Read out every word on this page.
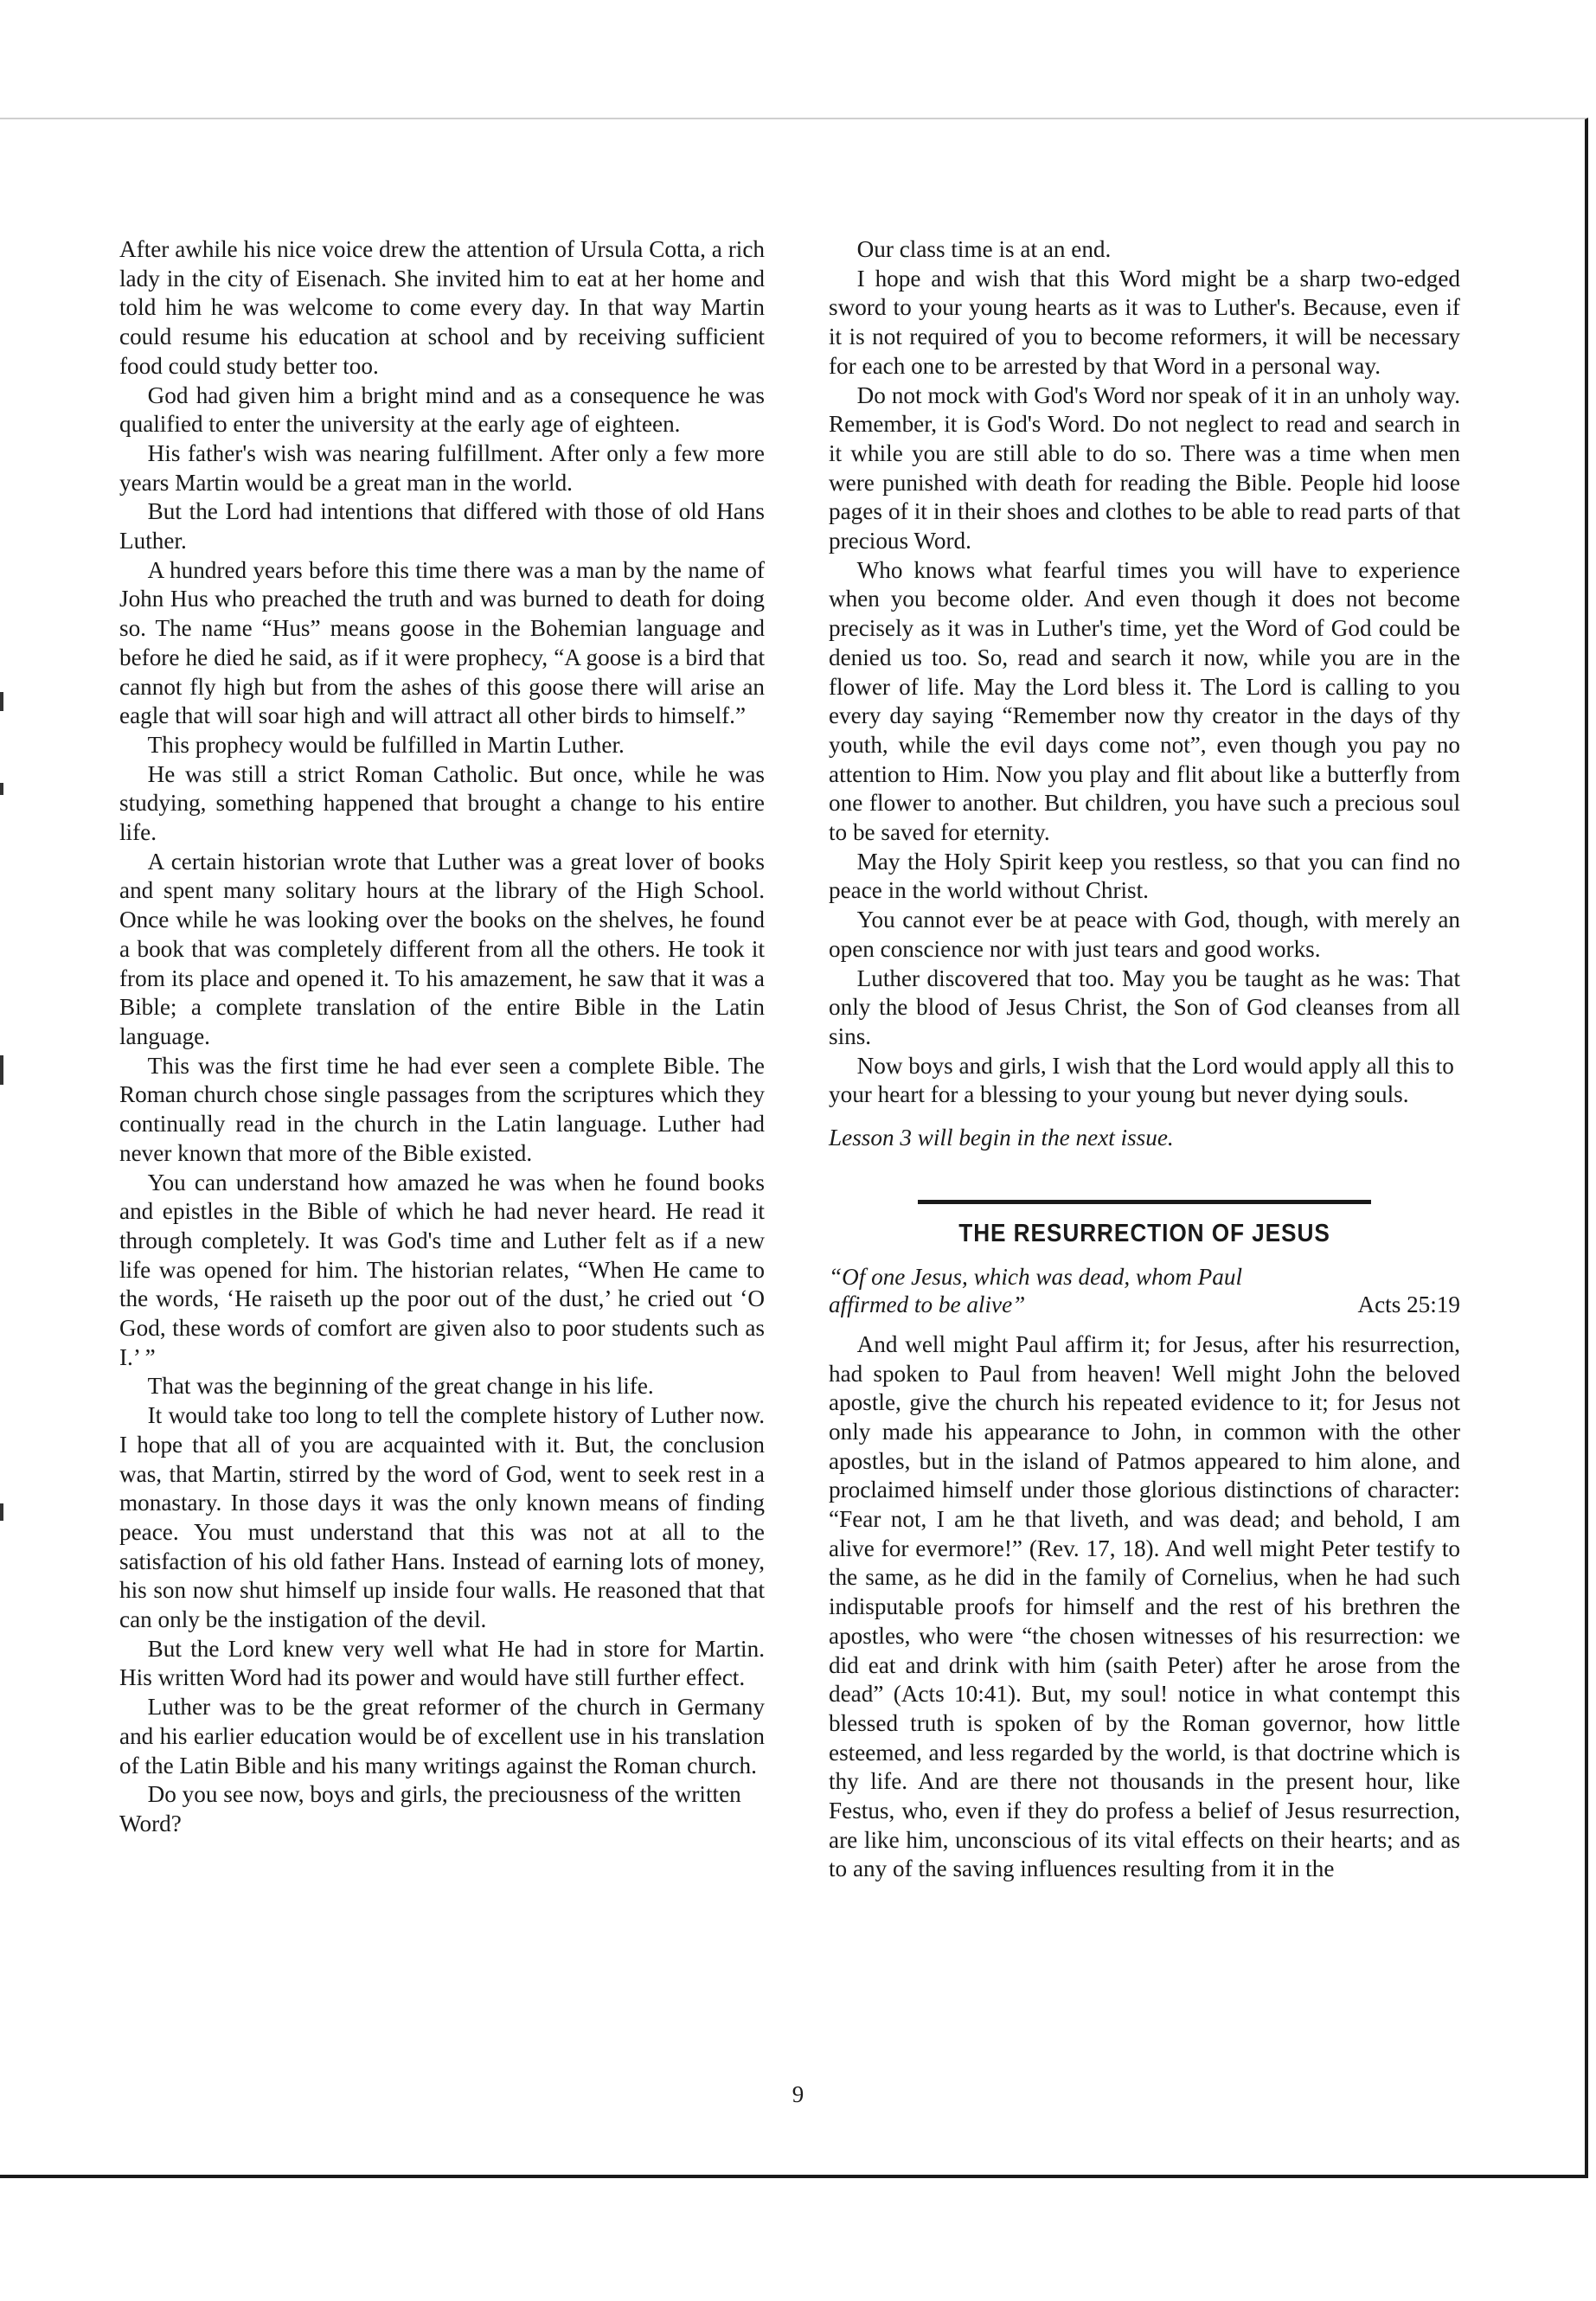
After awhile his nice voice drew the attention of Ursula Cotta, a rich lady in the city of Eisenach. She invited him to eat at her home and told him he was welcome to come every day. In that way Martin could resume his education at school and by receiving sufficient food could study better too.

God had given him a bright mind and as a consequence he was qualified to enter the university at the early age of eighteen.

His father's wish was nearing fulfillment. After only a few more years Martin would be a great man in the world.

But the Lord had intentions that differed with those of old Hans Luther.

A hundred years before this time there was a man by the name of John Hus who preached the truth and was burned to death for doing so. The name “Hus” means goose in the Bohemian language and before he died he said, as if it were prophecy, “A goose is a bird that cannot fly high but from the ashes of this goose there will arise an eagle that will soar high and will attract all other birds to himself.”

This prophecy would be fulfilled in Martin Luther.

He was still a strict Roman Catholic. But once, while he was studying, something happened that brought a change to his entire life.

A certain historian wrote that Luther was a great lover of books and spent many solitary hours at the library of the High School. Once while he was looking over the books on the shelves, he found a book that was completely different from all the others. He took it from its place and opened it. To his amazement, he saw that it was a Bible; a complete translation of the entire Bible in the Latin language.

This was the first time he had ever seen a complete Bible. The Roman church chose single passages from the scriptures which they continually read in the church in the Latin language. Luther had never known that more of the Bible existed.

You can understand how amazed he was when he found books and epistles in the Bible of which he had never heard. He read it through completely. It was God's time and Luther felt as if a new life was opened for him. The historian relates, “When He came to the words, ‘He raiseth up the poor out of the dust,’ he cried out ‘O God, these words of comfort are given also to poor students such as I.’ ”

That was the beginning of the great change in his life.

It would take too long to tell the complete history of Luther now. I hope that all of you are acquainted with it. But, the conclusion was, that Martin, stirred by the word of God, went to seek rest in a monastary. In those days it was the only known means of finding peace. You must understand that this was not at all to the satisfaction of his old father Hans. Instead of earning lots of money, his son now shut himself up inside four walls. He reasoned that that can only be the instigation of the devil.

But the Lord knew very well what He had in store for Martin. His written Word had its power and would have still further effect.

Luther was to be the great reformer of the church in Germany and his earlier education would be of excellent use in his translation of the Latin Bible and his many writings against the Roman church.

Do you see now, boys and girls, the preciousness of the written Word?

Our class time is at an end.

I hope and wish that this Word might be a sharp two-edged sword to your young hearts as it was to Luther's. Because, even if it is not required of you to become reformers, it will be necessary for each one to be arrested by that Word in a personal way.

Do not mock with God's Word nor speak of it in an unholy way. Remember, it is God's Word. Do not neglect to read and search in it while you are still able to do so. There was a time when men were punished with death for reading the Bible. People hid loose pages of it in their shoes and clothes to be able to read parts of that precious Word.

Who knows what fearful times you will have to experience when you become older. And even though it does not become precisely as it was in Luther's time, yet the Word of God could be denied us too. So, read and search it now, while you are in the flower of life. May the Lord bless it. The Lord is calling to you every day saying “Remember now thy creator in the days of thy youth, while the evil days come not”, even though you pay no attention to Him. Now you play and flit about like a butterfly from one flower to another. But children, you have such a precious soul to be saved for eternity.

May the Holy Spirit keep you restless, so that you can find no peace in the world without Christ.

You cannot ever be at peace with God, though, with merely an open conscience nor with just tears and good works.

Luther discovered that too. May you be taught as he was: That only the blood of Jesus Christ, the Son of God cleanses from all sins.

Now boys and girls, I wish that the Lord would apply all this to your heart for a blessing to your young but never dying souls.

Lesson 3 will begin in the next issue.

THE RESURRECTION OF JESUS
“Of one Jesus, which was dead, whom Paul affirmed to be alive”	Acts 25:19

And well might Paul affirm it; for Jesus, after his resurrection, had spoken to Paul from heaven! Well might John the beloved apostle, give the church his repeated evidence to it; for Jesus not only made his appearance to John, in common with the other apostles, but in the island of Patmos appeared to him alone, and proclaimed himself under those glorious distinctions of character: “Fear not, I am he that liveth, and was dead; and behold, I am alive for evermore!” (Rev. 17, 18). And well might Peter testify to the same, as he did in the family of Cornelius, when he had such indisputable proofs for himself and the rest of his brethren the apostles, who were “the chosen witnesses of his resurrection: we did eat and drink with him (saith Peter) after he arose from the dead” (Acts 10:41). But, my soul! notice in what contempt this blessed truth is spoken of by the Roman governor, how little esteemed, and less regarded by the world, is that doctrine which is thy life. And are there not thousands in the present hour, like Festus, who, even if they do profess a belief of Jesus resurrection, are like him, unconscious of its vital effects on their hearts; and as to any of the saving influences resulting from it in the

9
